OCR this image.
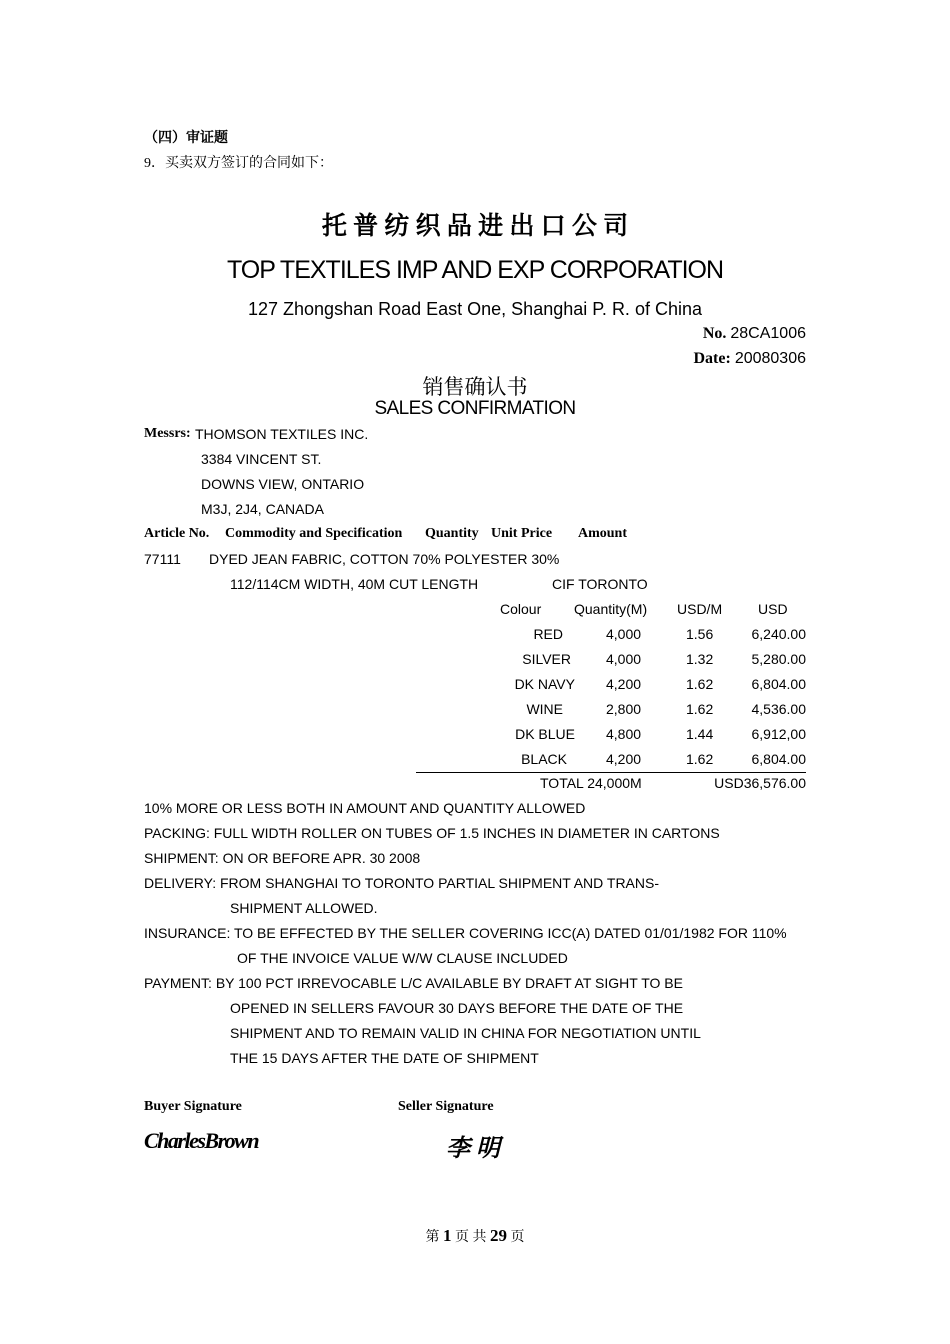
（四）审证题
9．买卖双方签订的合同如下：
托 普 纺 织 品 进 出 口 公 司
TOP TEXTILES IMP AND EXP CORPORATION
127 Zhongshan Road East One, Shanghai P. R. of China
No. 28CA1006
Date: 20080306
销售确认书
SALES CONFIRMATION
Messrs: THOMSON TEXTILES INC.
3384 VINCENT ST.
DOWNS VIEW, ONTARIO
M3J, 2J4, CANADA
Article No. Commodity and Specification Quantity Unit Price Amount
77111 DYED JEAN FABRIC, COTTON 70% POLYESTER 30%
112/114CM WIDTH, 40M CUT LENGTH	CIF TORONTO
Colour Quantity(M) USD/M	USD
RED	4,000	1.56	6,240.00
SILVER	4,000	1.32	5,280.00
DK NAVY 4,200	1.62	6,804.00
WINE	2,800	1.62	4,536.00
DK BLUE 4,800	1.44	6,912,00
BLACK	4,200	1.62	6,804.00
TOTAL 24,000M	USD36,576.00
10% MORE OR LESS BOTH IN AMOUNT AND QUANTITY ALLOWED
PACKING: FULL WIDTH ROLLER ON TUBES OF 1.5 INCHES IN DIAMETER IN CARTONS
SHIPMENT: ON OR BEFORE APR. 30 2008
DELIVERY: FROM SHANGHAI TO TORONTO PARTIAL SHIPMENT AND TRANS-
SHIPMENT ALLOWED.
INSURANCE: TO BE EFFECTED BY THE SELLER COVERING ICC(A) DATED 01/01/1982 FOR 110%
OF THE INVOICE VALUE W/W CLAUSE INCLUDED
PAYMENT: BY 100 PCT IRREVOCABLE L/C AVAILABLE BY DRAFT AT SIGHT TO BE
OPENED IN SELLERS FAVOUR 30 DAYS BEFORE THE DATE OF THE
SHIPMENT AND TO REMAIN VALID IN CHINA FOR NEGOTIATION UNTIL
THE 15 DAYS AFTER THE DATE OF SHIPMENT
Buyer Signature	Seller Signature
CharlesBrown	李 明
第 1 页 共 29 页
